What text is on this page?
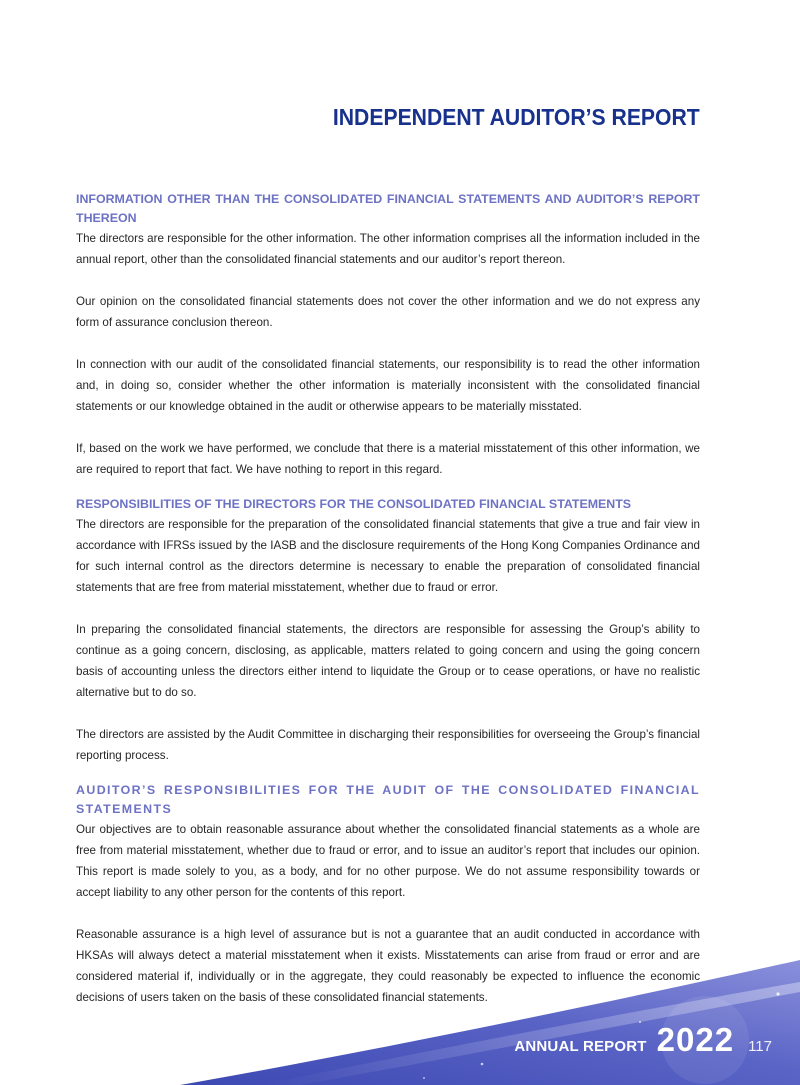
INDEPENDENT AUDITOR’S REPORT
INFORMATION OTHER THAN THE CONSOLIDATED FINANCIAL STATEMENTS AND AUDITOR’S REPORT THEREON

The directors are responsible for the other information. The other information comprises all the information included in the annual report, other than the consolidated financial statements and our auditor’s report thereon.

Our opinion on the consolidated financial statements does not cover the other information and we do not express any form of assurance conclusion thereon.

In connection with our audit of the consolidated financial statements, our responsibility is to read the other information and, in doing so, consider whether the other information is materially inconsistent with the consolidated financial statements or our knowledge obtained in the audit or otherwise appears to be materially misstated.

If, based on the work we have performed, we conclude that there is a material misstatement of this other information, we are required to report that fact. We have nothing to report in this regard.

RESPONSIBILITIES OF THE DIRECTORS FOR THE CONSOLIDATED FINANCIAL STATEMENTS

The directors are responsible for the preparation of the consolidated financial statements that give a true and fair view in accordance with IFRSs issued by the IASB and the disclosure requirements of the Hong Kong Companies Ordinance and for such internal control as the directors determine is necessary to enable the preparation of consolidated financial statements that are free from material misstatement, whether due to fraud or error.

In preparing the consolidated financial statements, the directors are responsible for assessing the Group’s ability to continue as a going concern, disclosing, as applicable, matters related to going concern and using the going concern basis of accounting unless the directors either intend to liquidate the Group or to cease operations, or have no realistic alternative but to do so.

The directors are assisted by the Audit Committee in discharging their responsibilities for overseeing the Group’s financial reporting process.

AUDITOR’S RESPONSIBILITIES FOR THE AUDIT OF THE CONSOLIDATED FINANCIAL STATEMENTS

Our objectives are to obtain reasonable assurance about whether the consolidated financial statements as a whole are free from material misstatement, whether due to fraud or error, and to issue an auditor’s report that includes our opinion. This report is made solely to you, as a body, and for no other purpose. We do not assume responsibility towards or accept liability to any other person for the contents of this report.

Reasonable assurance is a high level of assurance but is not a guarantee that an audit conducted in accordance with HKSAs will always detect a material misstatement when it exists. Misstatements can arise from fraud or error and are considered material if, individually or in the aggregate, they could reasonably be expected to influence the economic decisions of users taken on the basis of these consolidated financial statements.

ANNUAL REPORT 2022 117
